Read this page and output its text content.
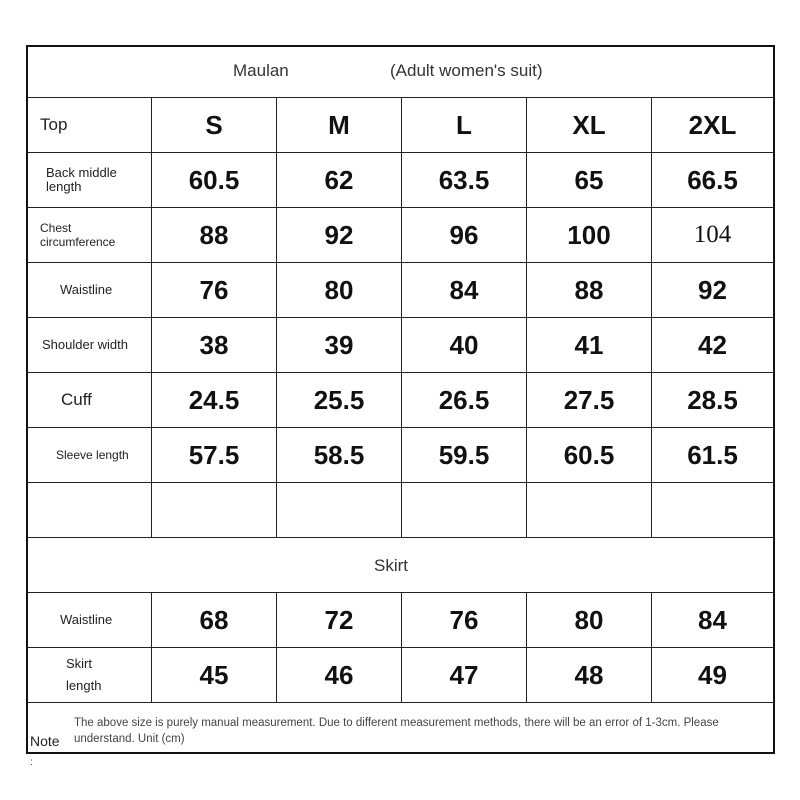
Maulan	(Adult women's suit)
Top	S	M	L	XL	2XL
Back middle length	60.5	62	63.5	65	66.5
Chest circumference	88	92	96	100	104
Waistline	76	80	84	88	92
Shoulder width	38	39	40	41	42
Cuff	24.5	25.5	26.5	27.5	28.5
Sleeve length	57.5	58.5	59.5	60.5	61.5
Skirt
Waistline	68	72	76	80	84
Skirt length	45	46	47	48	49
Note
The above size is purely manual measurement. Due to different measurement methods, there will be an error of 1-3cm. Please understand. Unit (cm)
:
